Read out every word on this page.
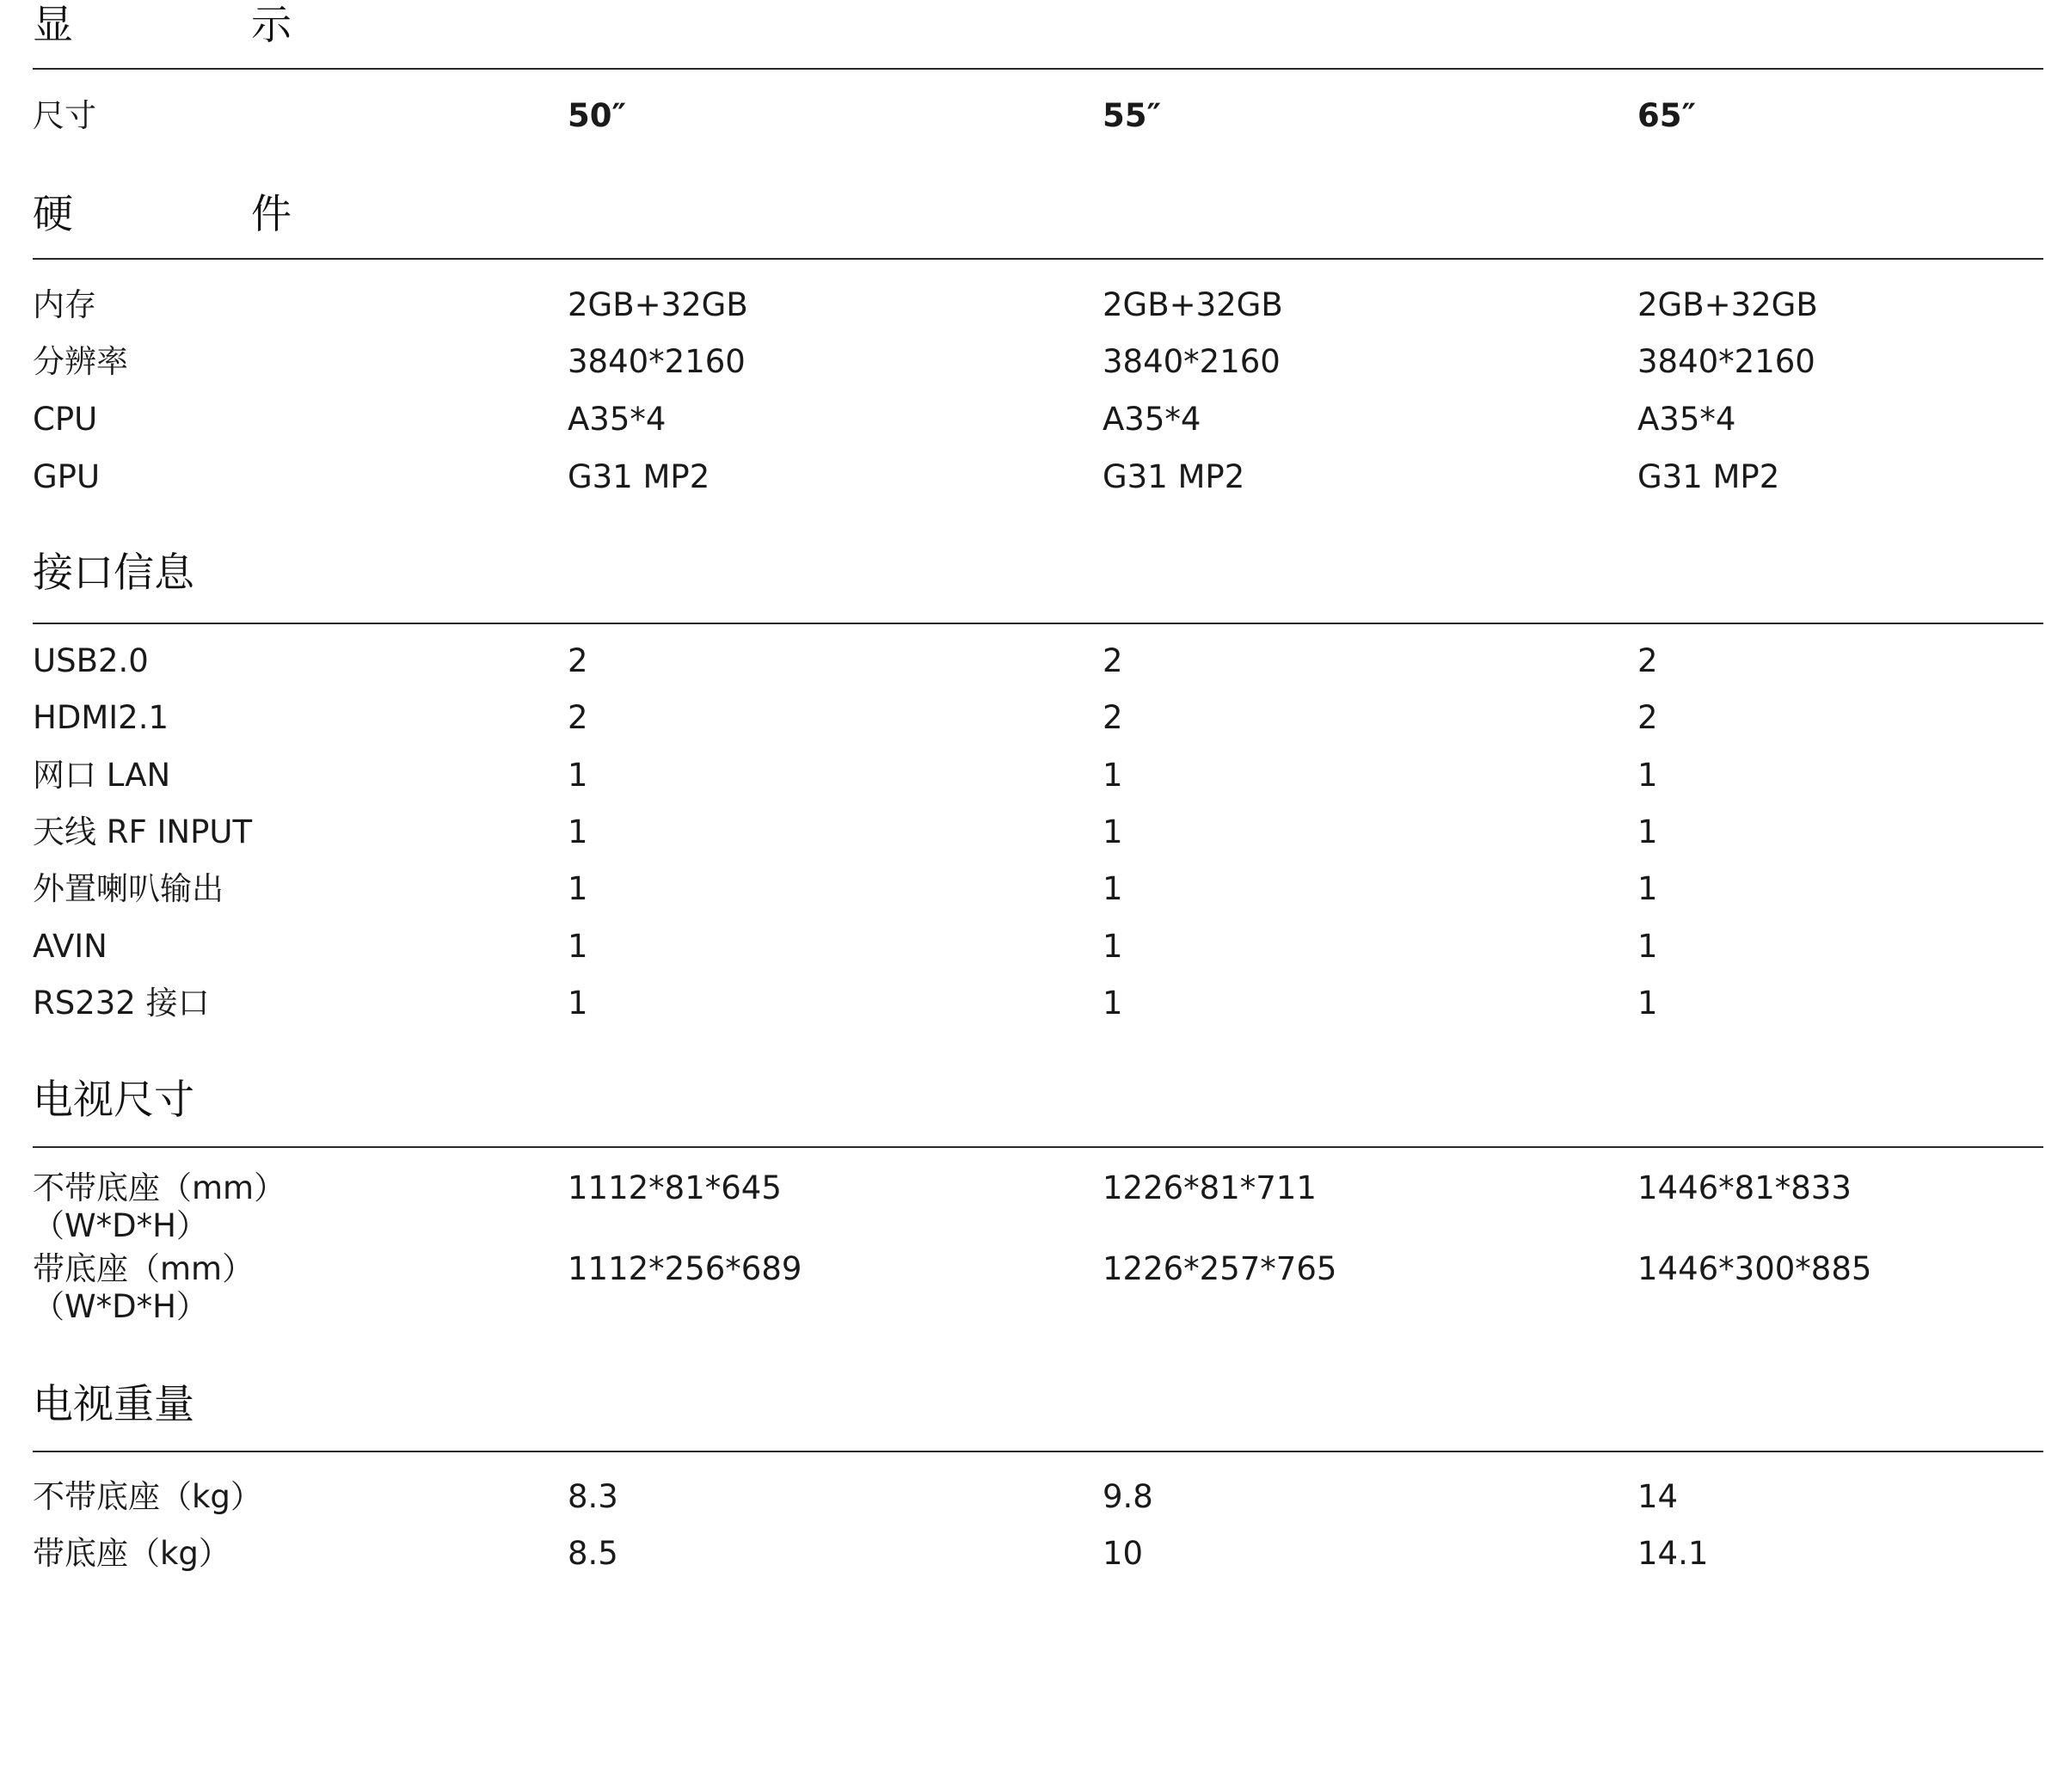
显 示
尺寸	50″	55″	65″
硬 件
内存	2GB+32GB	2GB+32GB	2GB+32GB
分辨率	3840*2160	3840*2160	3840*2160
CPU	A35*4	A35*4	A35*4
GPU	G31 MP2	G31 MP2	G31 MP2
接口信息
USB2.0	2	2	2
HDMI2.1	2	2	2
网口 LAN	1	1	1
天线 RF INPUT	1	1	1
外置喇叭输出	1	1	1
AVIN	1	1	1
RS232 接口	1	1	1
电视尺寸
不带底座（mm）
（W*D*H）
1112*81*645	1226*81*711	1446*81*833
带底座（mm）
（W*D*H）
1112*256*689	1226*257*765	1446*300*885
电视重量
不带底座（kg）	8.3	9.8	14
带底座（kg）	8.5	10	14.1
